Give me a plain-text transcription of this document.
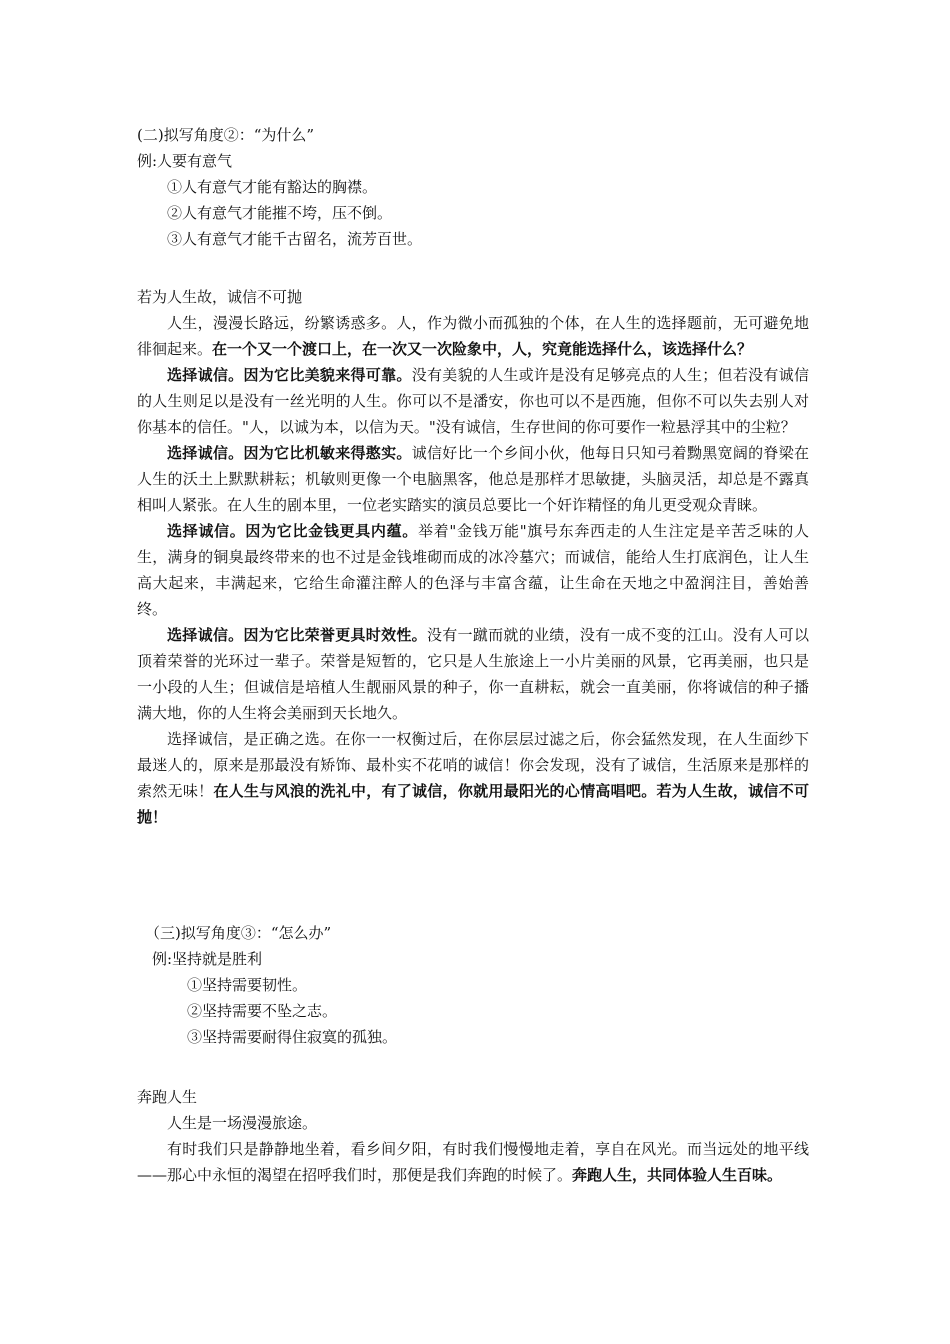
(二)拟写角度②：“为什么”
例:人要有意气
①人有意气才能有豁达的胸襟。
②人有意气才能摧不垮，压不倒。
③人有意气才能千古留名，流芳百世。
若为人生故，诚信不可抛

人生，漫漫长路远，纷繁诱惑多。人，作为微小而孤独的个体，在人生的选择题前，无可避免地徘徊起来。在一个又一个渡口上，在一次又一次险象中，人，究竟能选择什么，该选择什么？

选择诚信。因为它比美貌来得可靠。没有美貌的人生或许是没有足够亮点的人生；但若没有诚信的人生则足以是没有一丝光明的人生。你可以不是潘安，你也可以不是西施，但你不可以失去别人对你基本的信任。"人，以诚为本，以信为天。"没有诚信，生存世间的你可要作一粒悬浮其中的尘粒？

选择诚信。因为它比机敏来得憨实。诚信好比一个乡间小伙，他每日只知弓着黝黑宽阔的脊梁在人生的沃土上默默耕耘；机敏则更像一个电脑黑客，他总是那样才思敏捷，头脑灵活，却总是不露真相叫人紧张。在人生的剧本里，一位老实踏实的演员总要比一个奸诈精怪的角儿更受观众青睐。

选择诚信。因为它比金钱更具内蕴。举着"金钱万能"旗号东奔西走的人生注定是辛苦乏味的人生，满身的铜臭最终带来的也不过是金钱堆砌而成的冰冷墓穴；而诚信，能给人生打底润色，让人生高大起来，丰满起来，它给生命灌注醉人的色泽与丰富含蕴，让生命在天地之中盈润注目，善始善终。

选择诚信。因为它比荣誉更具时效性。没有一蹴而就的业绩，没有一成不变的江山。没有人可以顶着荣誉的光环过一辈子。荣誉是短暂的，它只是人生旅途上一小片美丽的风景，它再美丽，也只是一小段的人生；但诚信是培植人生靓丽风景的种子，你一直耕耘，就会一直美丽，你将诚信的种子播满大地，你的人生将会美丽到天长地久。

选择诚信，是正确之选。在你一一权衡过后，在你层层过滤之后，你会猛然发现，在人生面纱下最迷人的，原来是那最没有矫饰、最朴实不花哨的诚信！你会发现，没有了诚信，生活原来是那样的索然无味！在人生与风浪的洗礼中，有了诚信，你就用最阳光的心情高唱吧。若为人生故，诚信不可抛！

（三)拟写角度③：“怎么办”
例:坚持就是胜利
①坚持需要韧性。
②坚持需要不坠之志。
③坚持需要耐得住寂寞的孤独。
奔跑人生

人生是一场漫漫旅途。

有时我们只是静静地坐着，看乡间夕阳，有时我们慢慢地走着，享自在风光。而当远处的地平线——那心中永恒的渴望在招呼我们时，那便是我们奔跑的时候了。奔跑人生，共同体验人生百味。
